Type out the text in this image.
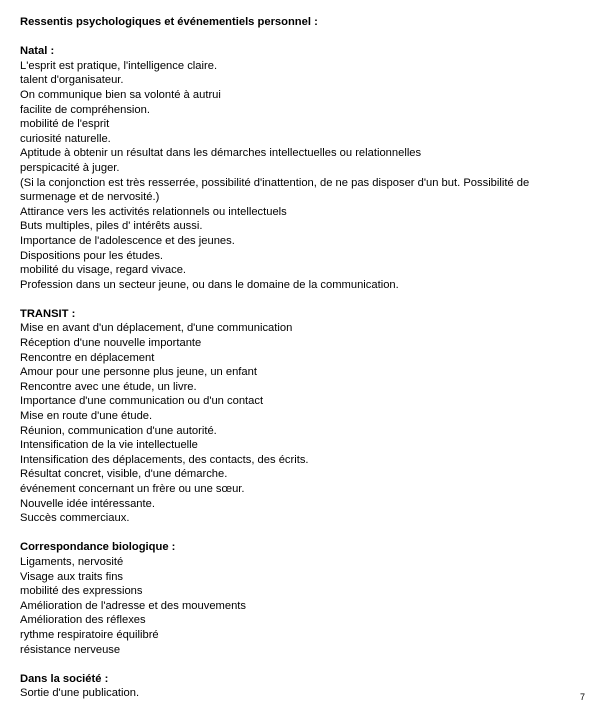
Ressentis psychologiques et événementiels personnel :
Natal :
L'esprit est pratique, l'intelligence claire.
talent d'organisateur.
On communique bien sa volonté à autrui
facilite de compréhension.
mobilité de l'esprit
curiosité naturelle.
Aptitude à obtenir un résultat dans les démarches intellectuelles ou relationnelles
perspicacité à juger.
(Si la conjonction est très resserrée, possibilité d'inattention, de ne pas disposer d'un but. Possibilité de surmenage et de nervosité.)
Attirance vers les activités relationnels ou intellectuels
Buts multiples, piles d' intérêts aussi.
Importance de l'adolescence et des jeunes.
Dispositions pour les études.
mobilité du visage, regard vivace.
Profession dans un secteur jeune, ou dans le domaine de la communication.
TRANSIT :
Mise en avant d'un déplacement, d'une communication
Réception d'une nouvelle importante
Rencontre en déplacement
Amour pour une personne plus jeune, un enfant
Rencontre avec une étude, un livre.
Importance d'une communication ou d'un contact
Mise en route d'une étude.
Réunion, communication d'une autorité.
Intensification de la vie intellectuelle
Intensification des déplacements, des contacts, des écrits.
Résultat concret, visible, d'une démarche.
événement concernant un frère ou une sœur.
Nouvelle idée intéressante.
Succès commerciaux.
Correspondance biologique :
Ligaments, nervosité
Visage aux traits fins
mobilité des expressions
Amélioration de l'adresse et des mouvements
Amélioration des réflexes
rythme respiratoire équilibré
résistance nerveuse
Dans la société :
Sortie d'une publication.	7
